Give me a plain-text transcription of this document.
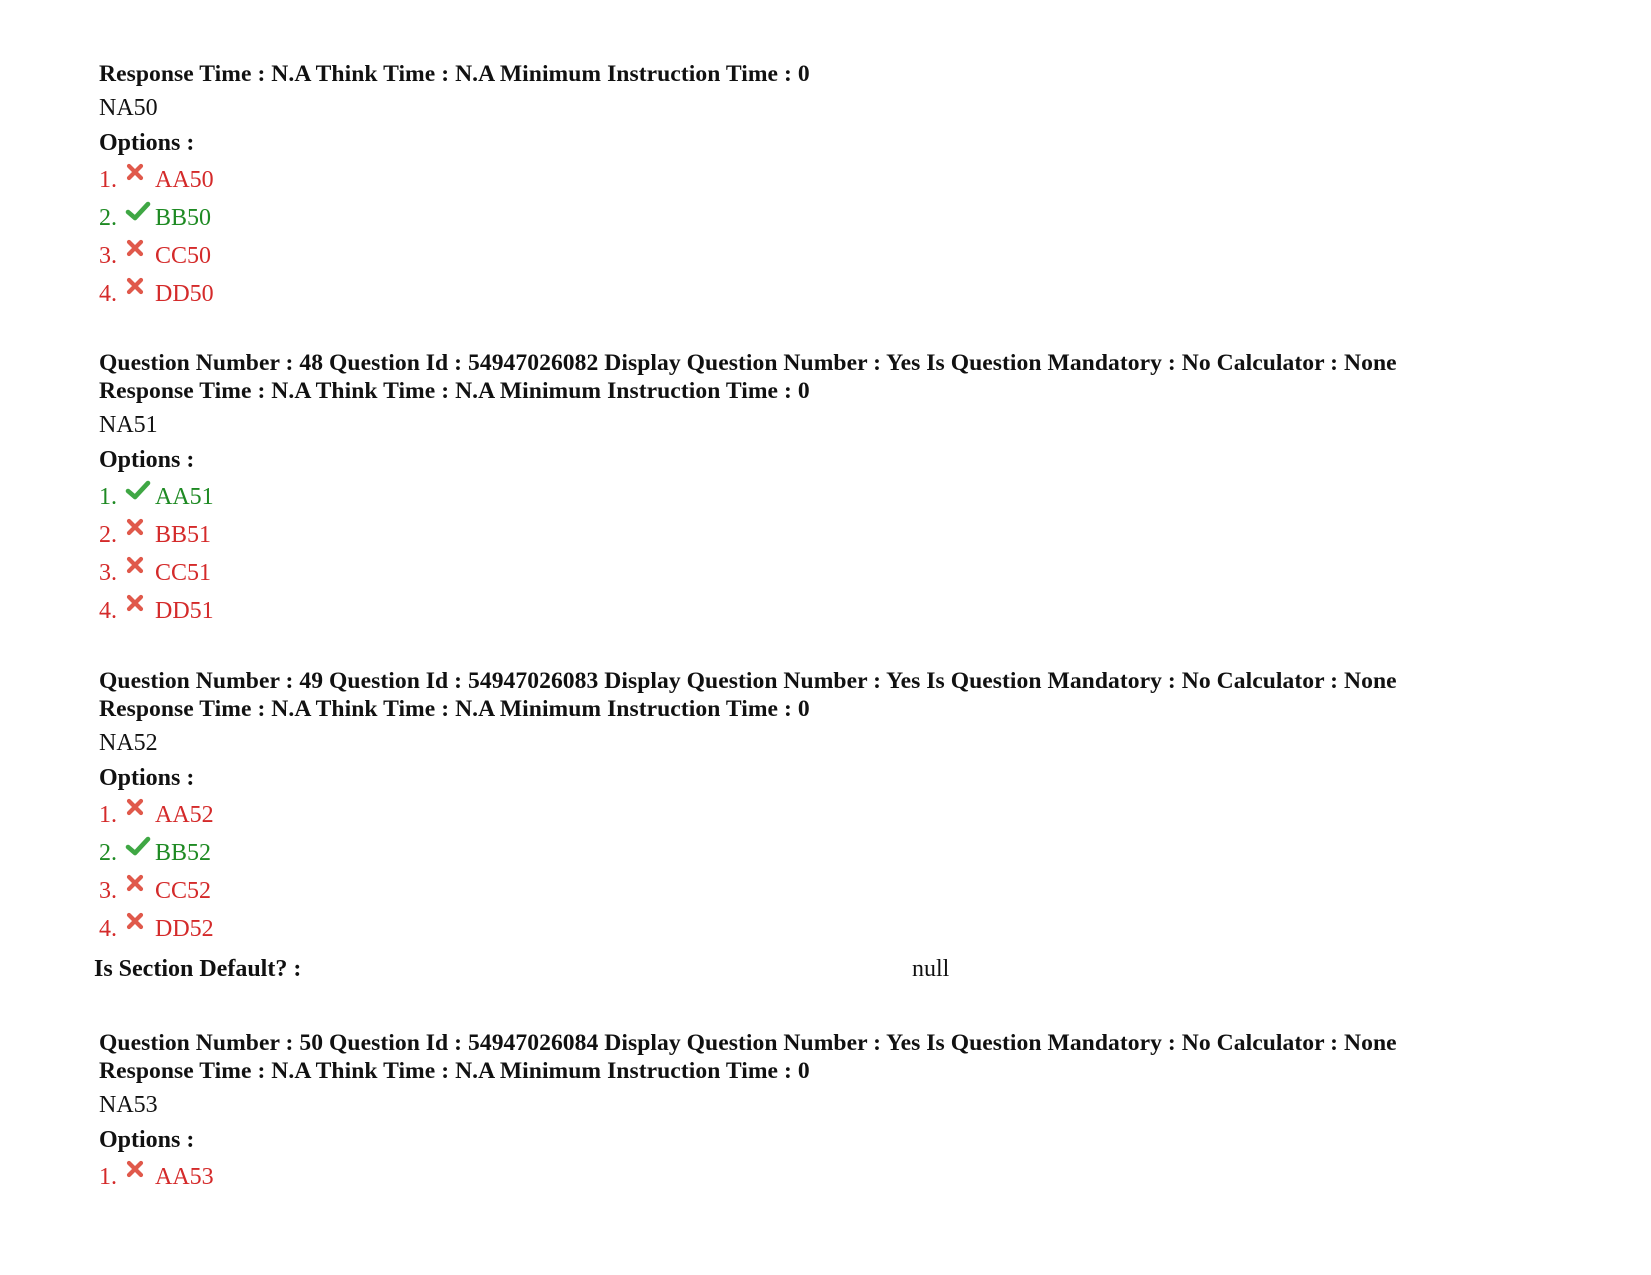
Response Time : N.A Think Time : N.A Minimum Instruction Time : 0
NA50
Options :
1.	AA50
2.	BB50
3.	CC50
4.	DD50
Question Number : 48 Question Id : 54947026082 Display Question Number : Yes Is Question Mandatory : No Calculator : None
Response Time : N.A Think Time : N.A Minimum Instruction Time : 0
NA51
Options :
1.	AA51
2.	BB51
3.	CC51
4.	DD51
Question Number : 49 Question Id : 54947026083 Display Question Number : Yes Is Question Mandatory : No Calculator : None
Response Time : N.A Think Time : N.A Minimum Instruction Time : 0
NA52
Options :
1.	AA52
2.	BB52
3.	CC52
4.	DD52
Is Section Default? :	null
Question Number : 50 Question Id : 54947026084 Display Question Number : Yes Is Question Mandatory : No Calculator : None
Response Time : N.A Think Time : N.A Minimum Instruction Time : 0
NA53
Options :
1.	AA53
